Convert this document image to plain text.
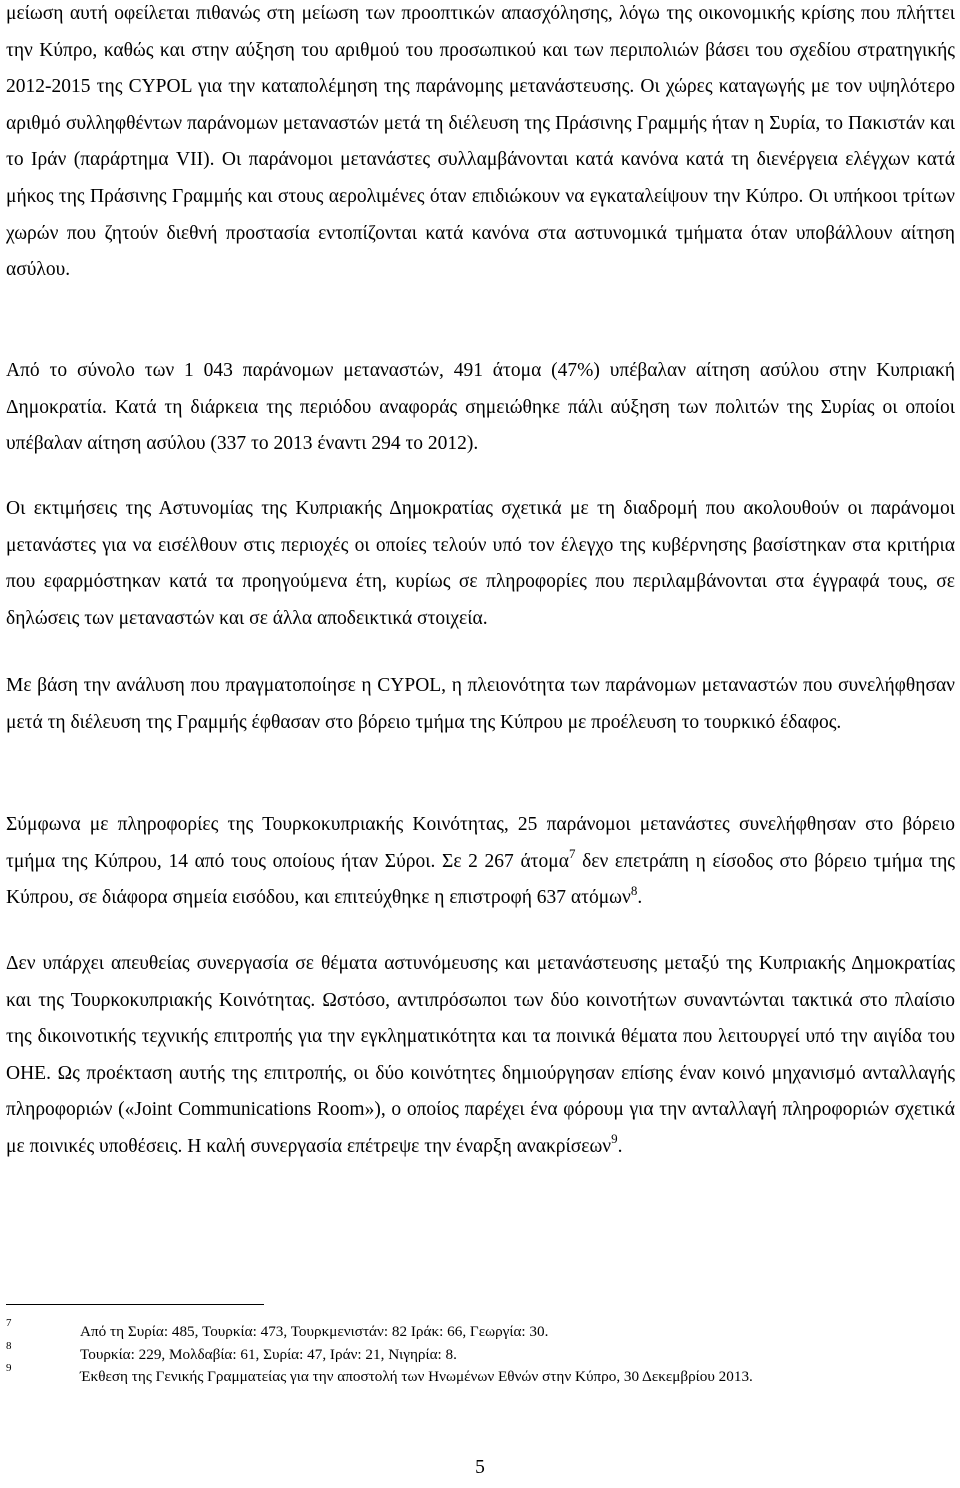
μείωση αυτή οφείλεται πιθανώς στη μείωση των προοπτικών απασχόλησης, λόγω της οικονομικής κρίσης που πλήττει την Κύπρο, καθώς και στην αύξηση του αριθμού του προσωπικού και των περιπολιών βάσει του σχεδίου στρατηγικής 2012-2015 της CYPOL για την καταπολέμηση της παράνομης μετανάστευσης. Οι χώρες καταγωγής με τον υψηλότερο αριθμό συλληφθέντων παράνομων μεταναστών μετά τη διέλευση της Πράσινης Γραμμής ήταν η Συρία, το Πακιστάν και το Ιράν (παράρτημα VII). Οι παράνομοι μετανάστες συλλαμβάνονται κατά κανόνα κατά τη διενέργεια ελέγχων κατά μήκος της Πράσινης Γραμμής και στους αερολιμένες όταν επιδιώκουν να εγκαταλείψουν την Κύπρο. Οι υπήκοοι τρίτων χωρών που ζητούν διεθνή προστασία εντοπίζονται κατά κανόνα στα αστυνομικά τμήματα όταν υποβάλλουν αίτηση ασύλου.

Από το σύνολο των 1 043 παράνομων μεταναστών, 491 άτομα (47%) υπέβαλαν αίτηση ασύλου στην Κυπριακή Δημοκρατία. Κατά τη διάρκεια της περιόδου αναφοράς σημειώθηκε πάλι αύξηση των πολιτών της Συρίας οι οποίοι υπέβαλαν αίτηση ασύλου (337 το 2013 έναντι 294 το 2012).

Οι εκτιμήσεις της Αστυνομίας της Κυπριακής Δημοκρατίας σχετικά με τη διαδρομή που ακολουθούν οι παράνομοι μετανάστες για να εισέλθουν στις περιοχές οι οποίες τελούν υπό τον έλεγχο της κυβέρνησης βασίστηκαν στα κριτήρια που εφαρμόστηκαν κατά τα προηγούμενα έτη, κυρίως σε πληροφορίες που περιλαμβάνονται στα έγγραφά τους, σε δηλώσεις των μεταναστών και σε άλλα αποδεικτικά στοιχεία.

Με βάση την ανάλυση που πραγματοποίησε η CYPOL, η πλειονότητα των παράνομων μεταναστών που συνελήφθησαν μετά τη διέλευση της Γραμμής έφθασαν στο βόρειο τμήμα της Κύπρου με προέλευση το τουρκικό έδαφος.

Σύμφωνα με πληροφορίες της Τουρκοκυπριακής Κοινότητας, 25 παράνομοι μετανάστες συνελήφθησαν στο βόρειο τμήμα της Κύπρου, 14 από τους οποίους ήταν Σύροι. Σε 2 267 άτομα$^7$ δεν επετράπη η είσοδος στο βόρειο τμήμα της Κύπρου, σε διάφορα σημεία εισόδου, και επιτεύχθηκε η επιστροφή 637 ατόμων$^8$.

Δεν υπάρχει απευθείας συνεργασία σε θέματα αστυνόμευσης και μετανάστευσης μεταξύ της Κυπριακής Δημοκρατίας και της Τουρκοκυπριακής Κοινότητας. Ωστόσο, αντιπρόσωποι των δύο κοινοτήτων συναντώνται τακτικά στο πλαίσιο της δικοινοτικής τεχνικής επιτροπής για την εγκληματικότητα και τα ποινικά θέματα που λειτουργεί υπό την αιγίδα του ΟΗΕ. Ως προέκταση αυτής της επιτροπής, οι δύο κοινότητες δημιούργησαν επίσης έναν κοινό μηχανισμό ανταλλαγής πληροφοριών («Joint Communications Room»), ο οποίος παρέχει ένα φόρουμ για την ανταλλαγή πληροφοριών σχετικά με ποινικές υποθέσεις. Η καλή συνεργασία επέτρεψε την έναρξη ανακρίσεων$^9$.

7	Από τη Συρία: 485, Τουρκία: 473, Τουρκμενιστάν: 82 Ιράκ: 66, Γεωργία: 30.

8	Τουρκία: 229, Μολδαβία: 61, Συρία: 47, Ιράν: 21, Νιγηρία: 8.

9	Έκθεση της Γενικής Γραμματείας για την αποστολή των Ηνωμένων Εθνών στην Κύπρο, 30 Δεκεμβρίου 2013.

5
